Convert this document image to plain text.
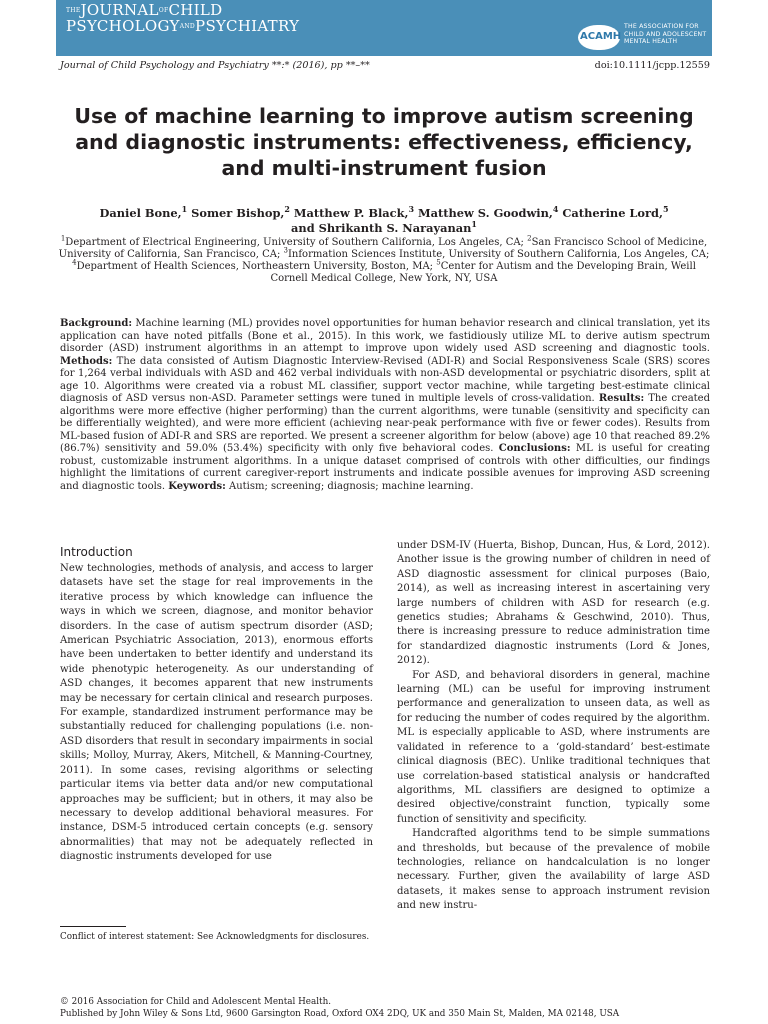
THEJOURNALOFCHILD
PSYCHOLOGYANDPSYCHIATRY
ACAMH
THE ASSOCIATION FOR
CHILD AND ADOLESCENT
MENTAL HEALTH
Journal of Child Psychology and Psychiatry **:* (2016), pp **–**	doi:10.1111/jcpp.12559
Use of machine learning to improve autism screening
and diagnostic instruments: effectiveness, efficiency,
and multi-instrument fusion
Daniel Bone,$^1$ Somer Bishop,$^2$ Matthew P. Black,$^3$ Matthew S. Goodwin,$^4$ Catherine Lord,$^5$
and Shrikanth S. Narayanan$^1$
$^1$Department of Electrical Engineering, University of Southern California, Los Angeles, CA; $^2$San Francisco School of Medicine, University of California, San Francisco, CA; $^3$Information Sciences Institute, University of Southern California, Los Angeles, CA; $^4$Department of Health Sciences, Northeastern University, Boston, MA; $^5$Center for Autism and the Developing Brain, Weill Cornell Medical College, New York, NY, USA
Background: Machine learning (ML) provides novel opportunities for human behavior research and clinical translation, yet its application can have noted pitfalls (Bone et al., 2015). In this work, we fastidiously utilize ML to derive autism spectrum disorder (ASD) instrument algorithms in an attempt to improve upon widely used ASD screening and diagnostic tools. Methods: The data consisted of Autism Diagnostic Interview-Revised (ADI-R) and Social Responsiveness Scale (SRS) scores for 1,264 verbal individuals with ASD and 462 verbal individuals with non-ASD developmental or psychiatric disorders, split at age 10. Algorithms were created via a robust ML classifier, support vector machine, while targeting best-estimate clinical diagnosis of ASD versus non-ASD. Parameter settings were tuned in multiple levels of cross-validation. Results: The created algorithms were more effective (higher performing) than the current algorithms, were tunable (sensitivity and specificity can be differentially weighted), and were more efficient (achieving near-peak performance with five or fewer codes). Results from ML-based fusion of ADI-R and SRS are reported. We present a screener algorithm for below (above) age 10 that reached 89.2% (86.7%) sensitivity and 59.0% (53.4%) specificity with only five behavioral codes. Conclusions: ML is useful for creating robust, customizable instrument algorithms. In a unique dataset comprised of controls with other difficulties, our findings highlight the limitations of current caregiver-report instruments and indicate possible avenues for improving ASD screening and diagnostic tools. Keywords: Autism; screening; diagnosis; machine learning.
Introduction

New technologies, methods of analysis, and access to larger datasets have set the stage for real improvements in the iterative process by which knowledge can influence the ways in which we screen, diagnose, and monitor behavior disorders. In the case of autism spectrum disorder (ASD; American Psychiatric Association, 2013), enormous efforts have been undertaken to better identify and understand its wide phenotypic heterogeneity. As our understanding of ASD changes, it becomes apparent that new instruments may be necessary for certain clinical and research purposes. For example, standardized instrument performance may be substantially reduced for challenging populations (i.e. non-ASD disorders that result in secondary impairments in social skills; Molloy, Murray, Akers, Mitchell, & Manning-Courtney, 2011). In some cases, revising algorithms or selecting particular items via better data and/or new computational approaches may be sufficient; but in others, it may also be necessary to develop additional behavioral measures. For instance, DSM-5 introduced certain concepts (e.g. sensory abnormalities) that may not be adequately reflected in diagnostic instruments developed for use

under DSM-IV (Huerta, Bishop, Duncan, Hus, & Lord, 2012). Another issue is the growing number of children in need of ASD diagnostic assessment for clinical purposes (Baio, 2014), as well as increasing interest in ascertaining very large numbers of children with ASD for research (e.g. genetics studies; Abrahams & Geschwind, 2010). Thus, there is increasing pressure to reduce administration time for standardized diagnostic instruments (Lord & Jones, 2012).

For ASD, and behavioral disorders in general, machine learning (ML) can be useful for improving instrument performance and generalization to unseen data, as well as for reducing the number of codes required by the algorithm. ML is especially applicable to ASD, where instruments are validated in reference to a ‘gold-standard’ best-estimate clinical diagnosis (BEC). Unlike traditional techniques that use correlation-based statistical analysis or handcrafted algorithms, ML classifiers are designed to optimize a desired objective/constraint function, typically some function of sensitivity and specificity.

Handcrafted algorithms tend to be simple summations and thresholds, but because of the prevalence of mobile technologies, reliance on handcalculation is no longer necessary. Further, given the availability of large ASD datasets, it makes sense to approach instrument revision and new instru-

Conflict of interest statement: See Acknowledgments for disclosures.
© 2016 Association for Child and Adolescent Mental Health.
Published by John Wiley & Sons Ltd, 9600 Garsington Road, Oxford OX4 2DQ, UK and 350 Main St, Malden, MA 02148, USA
